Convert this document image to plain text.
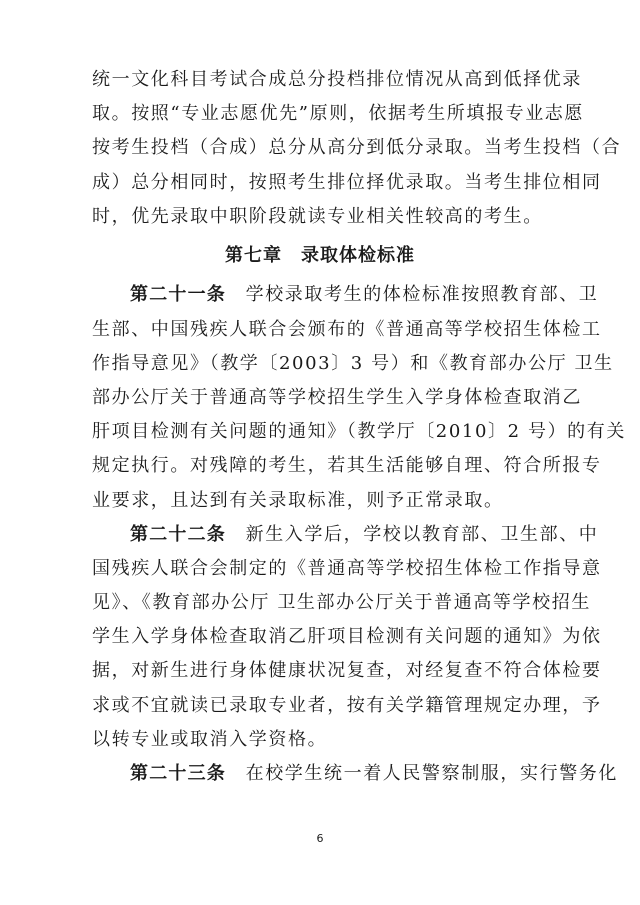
统一文化科目考试合成总分投档排位情况从高到低择优录
取。按照“专业志愿优先”原则，依据考生所填报专业志愿
按考生投档（合成）总分从高分到低分录取。当考生投档（合
成）总分相同时，按照考生排位择优录取。当考生排位相同
时，优先录取中职阶段就读专业相关性较高的考生。
第七章　录取体检标准
第二十一条　 学校录取考生的体检标准按照教育部、卫
生部、中国残疾人联合会颁布的《普通高等学校招生体检工
作指导意见》（教学〔2003〕3 号）和《教育部办公厅 卫生
部办公厅关于普通高等学校招生学生入学身体检查取消乙
肝项目检测有关问题的通知》（教学厅〔2010〕2 号）的有关
规定执行。对残障的考生，若其生活能够自理、符合所报专
业要求，且达到有关录取标准，则予正常录取。
第二十二条　 新生入学后，学校以教育部、卫生部、中
国残疾人联合会制定的《普通高等学校招生体检工作指导意
见》、《教育部办公厅 卫生部办公厅关于普通高等学校招生
学生入学身体检查取消乙肝项目检测有关问题的通知》为依
据，对新生进行身体健康状况复查，对经复查不符合体检要
求或不宜就读已录取专业者，按有关学籍管理规定办理，予
以转专业或取消入学资格。
第二十三条　 在校学生统一着人民警察制服，实行警务化
6
